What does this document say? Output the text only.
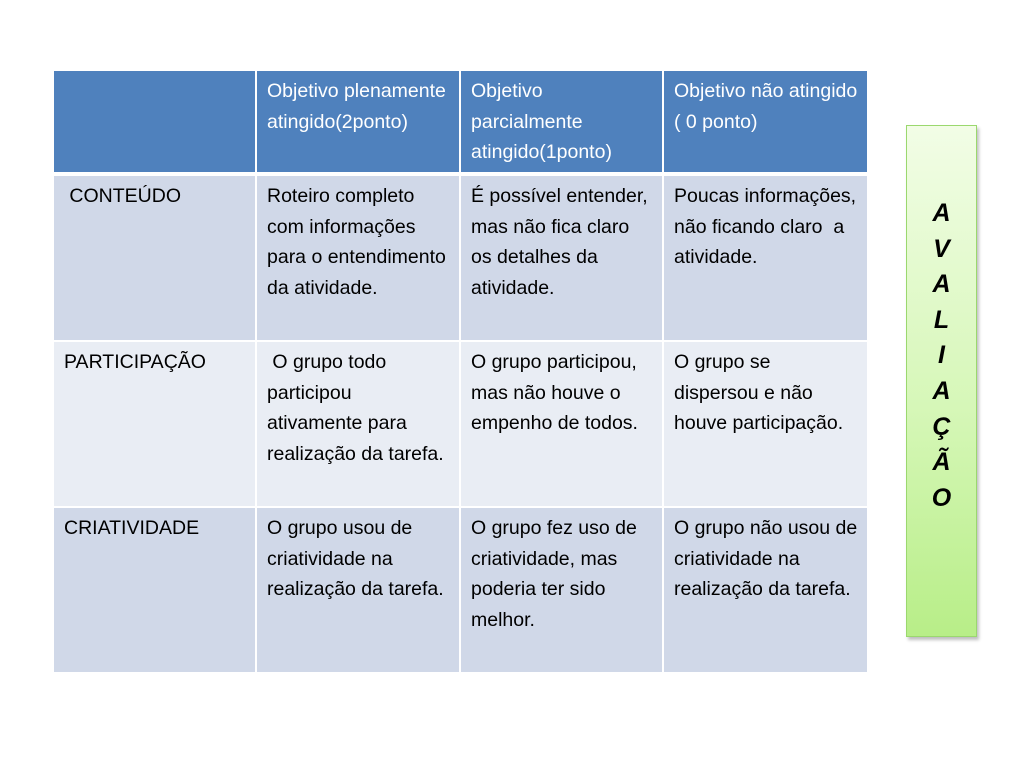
	Objetivo plenamente atingido(2ponto)	Objetivo parcialmente atingido(1ponto)	Objetivo não atingido ( 0 ponto)
CONTEÚDO	Roteiro completo com informações para o entendimento da atividade.	É possível entender, mas não fica claro os detalhes da atividade.	Poucas informações, não ficando claro  a atividade.
PARTICIPAÇÃO	O grupo todo participou ativamente para realização da tarefa.	O grupo participou, mas não houve o empenho de todos.	O grupo se dispersou e não houve participação.
CRIATIVIDADE	O grupo usou de criatividade na realização da tarefa.	O grupo fez uso de criatividade, mas poderia ter sido melhor.	O grupo não usou de criatividade na realização da tarefa.
A
V
A
L
I
A
Ç
Ã
O
